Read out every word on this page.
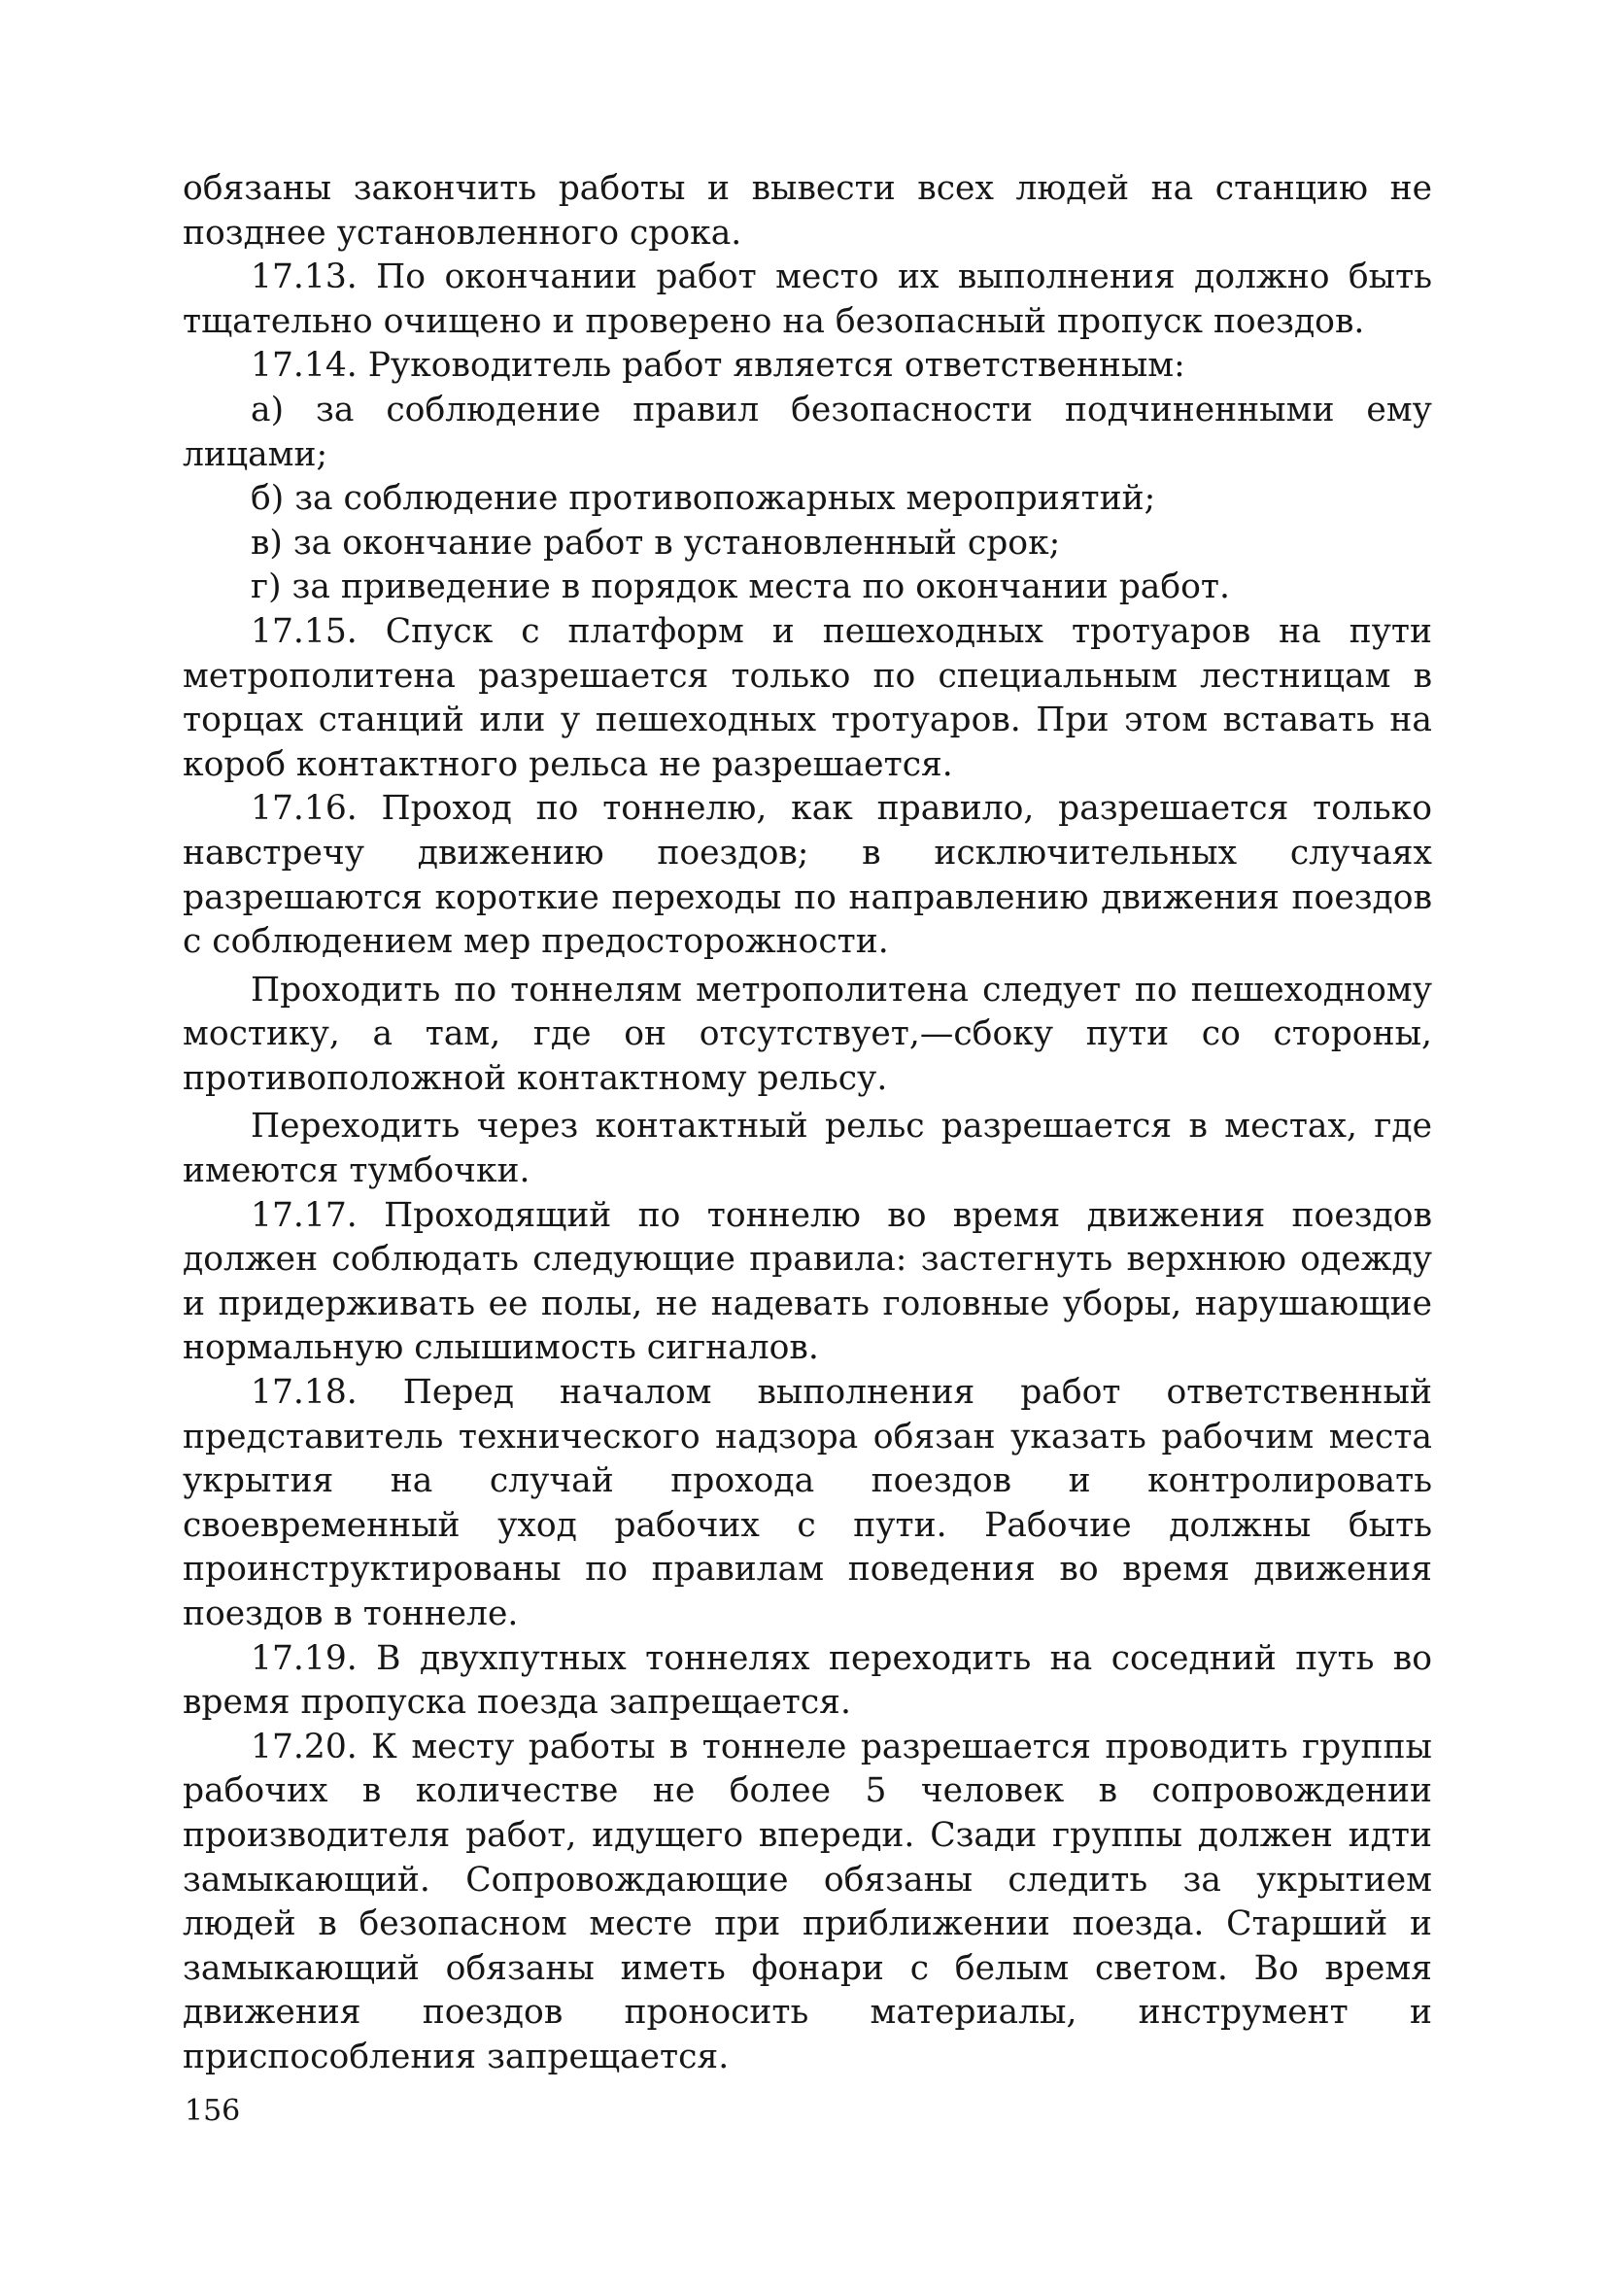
обязаны закончить работы и вывести всех людей на станцию не позднее установленного срока.

17.13. По окончании работ место их выполнения должно быть тщательно очищено и проверено на безопасный пропуск поездов.

17.14. Руководитель работ является ответственным:

а) за соблюдение правил безопасности подчиненными ему лицами;

б) за соблюдение противопожарных мероприятий;

в) за окончание работ в установленный срок;

г) за приведение в порядок места по окончании работ.

17.15. Спуск с платформ и пешеходных тротуаров на пути метрополитена разрешается только по специальным лестницам в торцах станций или у пешеходных тротуаров. При этом вставать на короб контактного рельса не разрешается.

17.16. Проход по тоннелю, как правило, разрешается только навстречу движению поездов; в исключительных случаях разрешаются короткие переходы по направлению движения поездов с соблюдением мер предосторожности.

Проходить по тоннелям метрополитена следует по пешеходному мостику, а там, где он отсутствует,—сбоку пути со стороны, противоположной контактному рельсу.

Переходить через контактный рельс разрешается в местах, где имеются тумбочки.

17.17. Проходящий по тоннелю во время движения поездов должен соблюдать следующие правила: застегнуть верхнюю одежду и придерживать ее полы, не надевать головные уборы, нарушающие нормальную слышимость сигналов.

17.18. Перед началом выполнения работ ответственный представитель технического надзора обязан указать рабочим места укрытия на случай прохода поездов и контролировать своевременный уход рабочих с пути. Рабочие должны быть проинструктированы по правилам поведения во время движения поездов в тоннеле.

17.19. В двухпутных тоннелях переходить на соседний путь во время пропуска поезда запрещается.

17.20. К месту работы в тоннеле разрешается проводить группы рабочих в количестве не более 5 человек в сопровождении производителя работ, идущего впереди. Сзади группы должен идти замыкающий. Сопровождающие обязаны следить за укрытием людей в безопасном месте при приближении поезда. Старший и замыкающий обязаны иметь фонари с белым светом. Во время движения поездов проносить материалы, инструмент и приспособления запрещается.

156
